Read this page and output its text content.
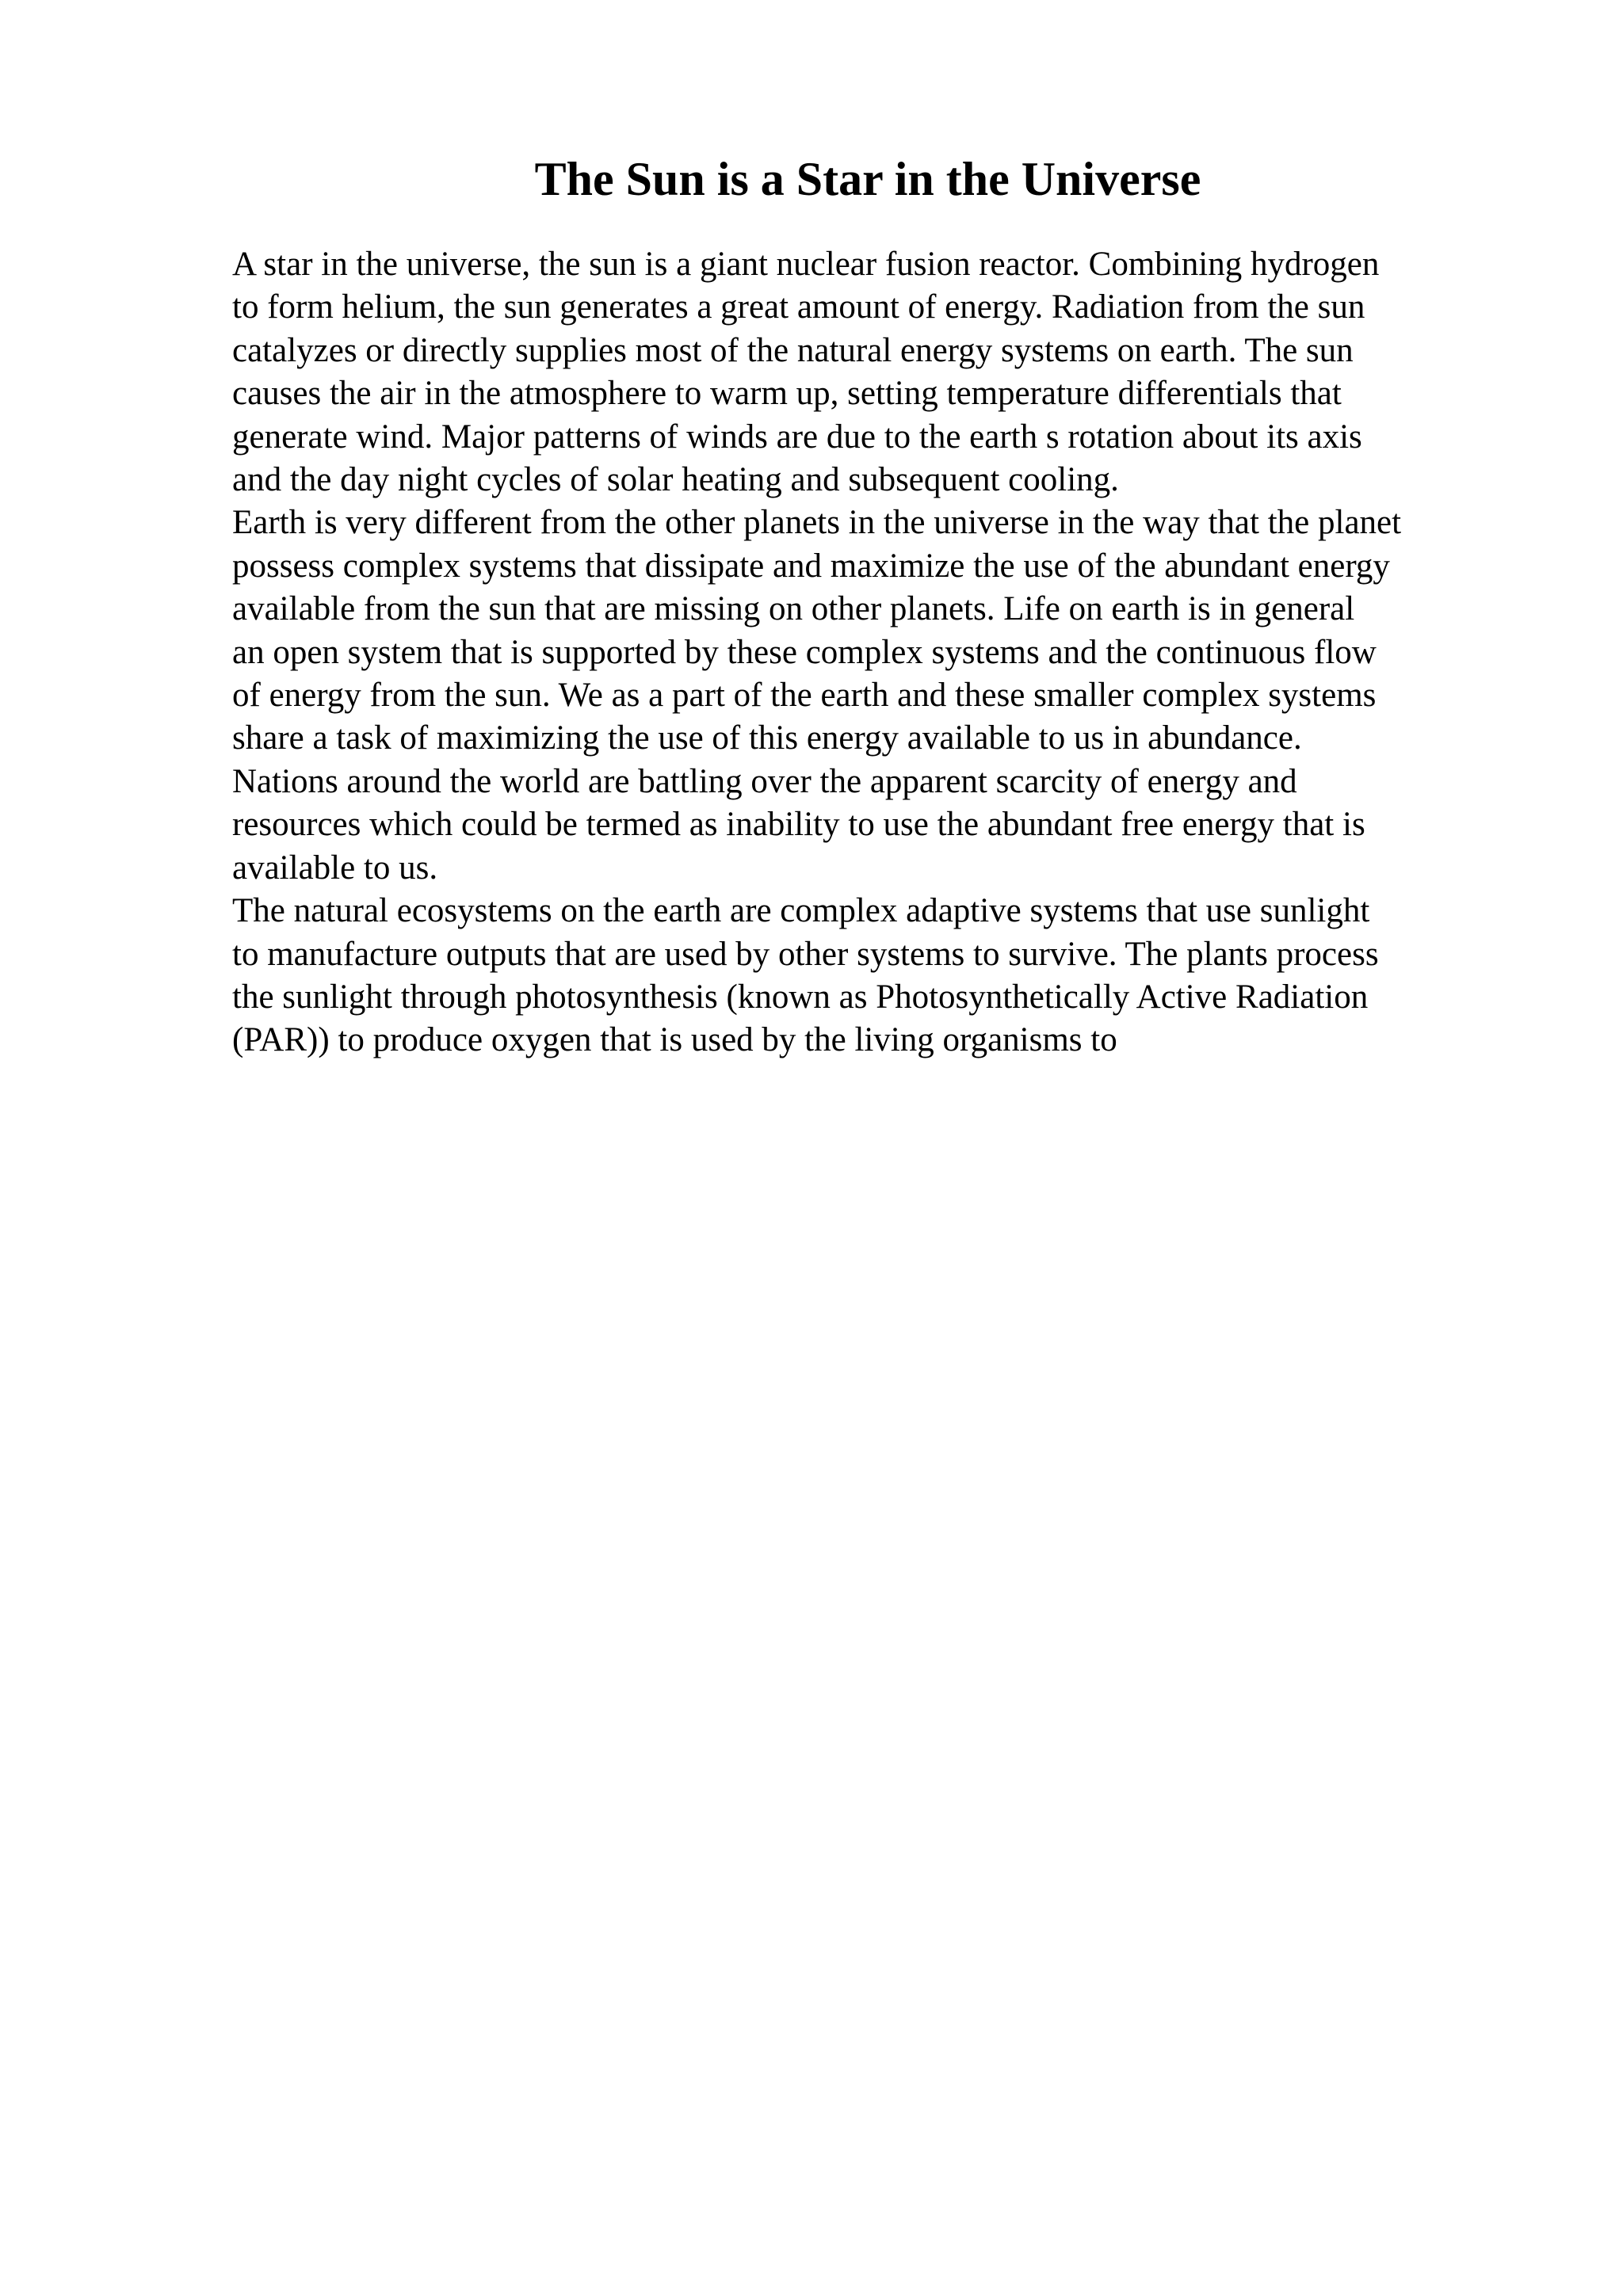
The Sun is a Star in the Universe
A star in the universe, the sun is a giant nuclear fusion reactor. Combining hydrogen
to form helium, the sun generates a great amount of energy. Radiation from the sun
catalyzes or directly supplies most of the natural energy systems on earth. The sun
causes the air in the atmosphere to warm up, setting temperature differentials that
generate wind. Major patterns of winds are due to the earth s rotation about its axis
and the day night cycles of solar heating and subsequent cooling.
Earth is very different from the other planets in the universe in the way that the planet
possess complex systems that dissipate and maximize the use of the abundant energy
available from the sun that are missing on other planets. Life on earth is in general
an open system that is supported by these complex systems and the continuous flow
of energy from the sun. We as a part of the earth and these smaller complex systems
share a task of maximizing the use of this energy available to us in abundance.
Nations around the world are battling over the apparent scarcity of energy and
resources which could be termed as inability to use the abundant free energy that is
available to us.
The natural ecosystems on the earth are complex adaptive systems that use sunlight
to manufacture outputs that are used by other systems to survive. The plants process
the sunlight through photosynthesis (known as Photosynthetically Active Radiation
(PAR)) to produce oxygen that is used by the living organisms to
